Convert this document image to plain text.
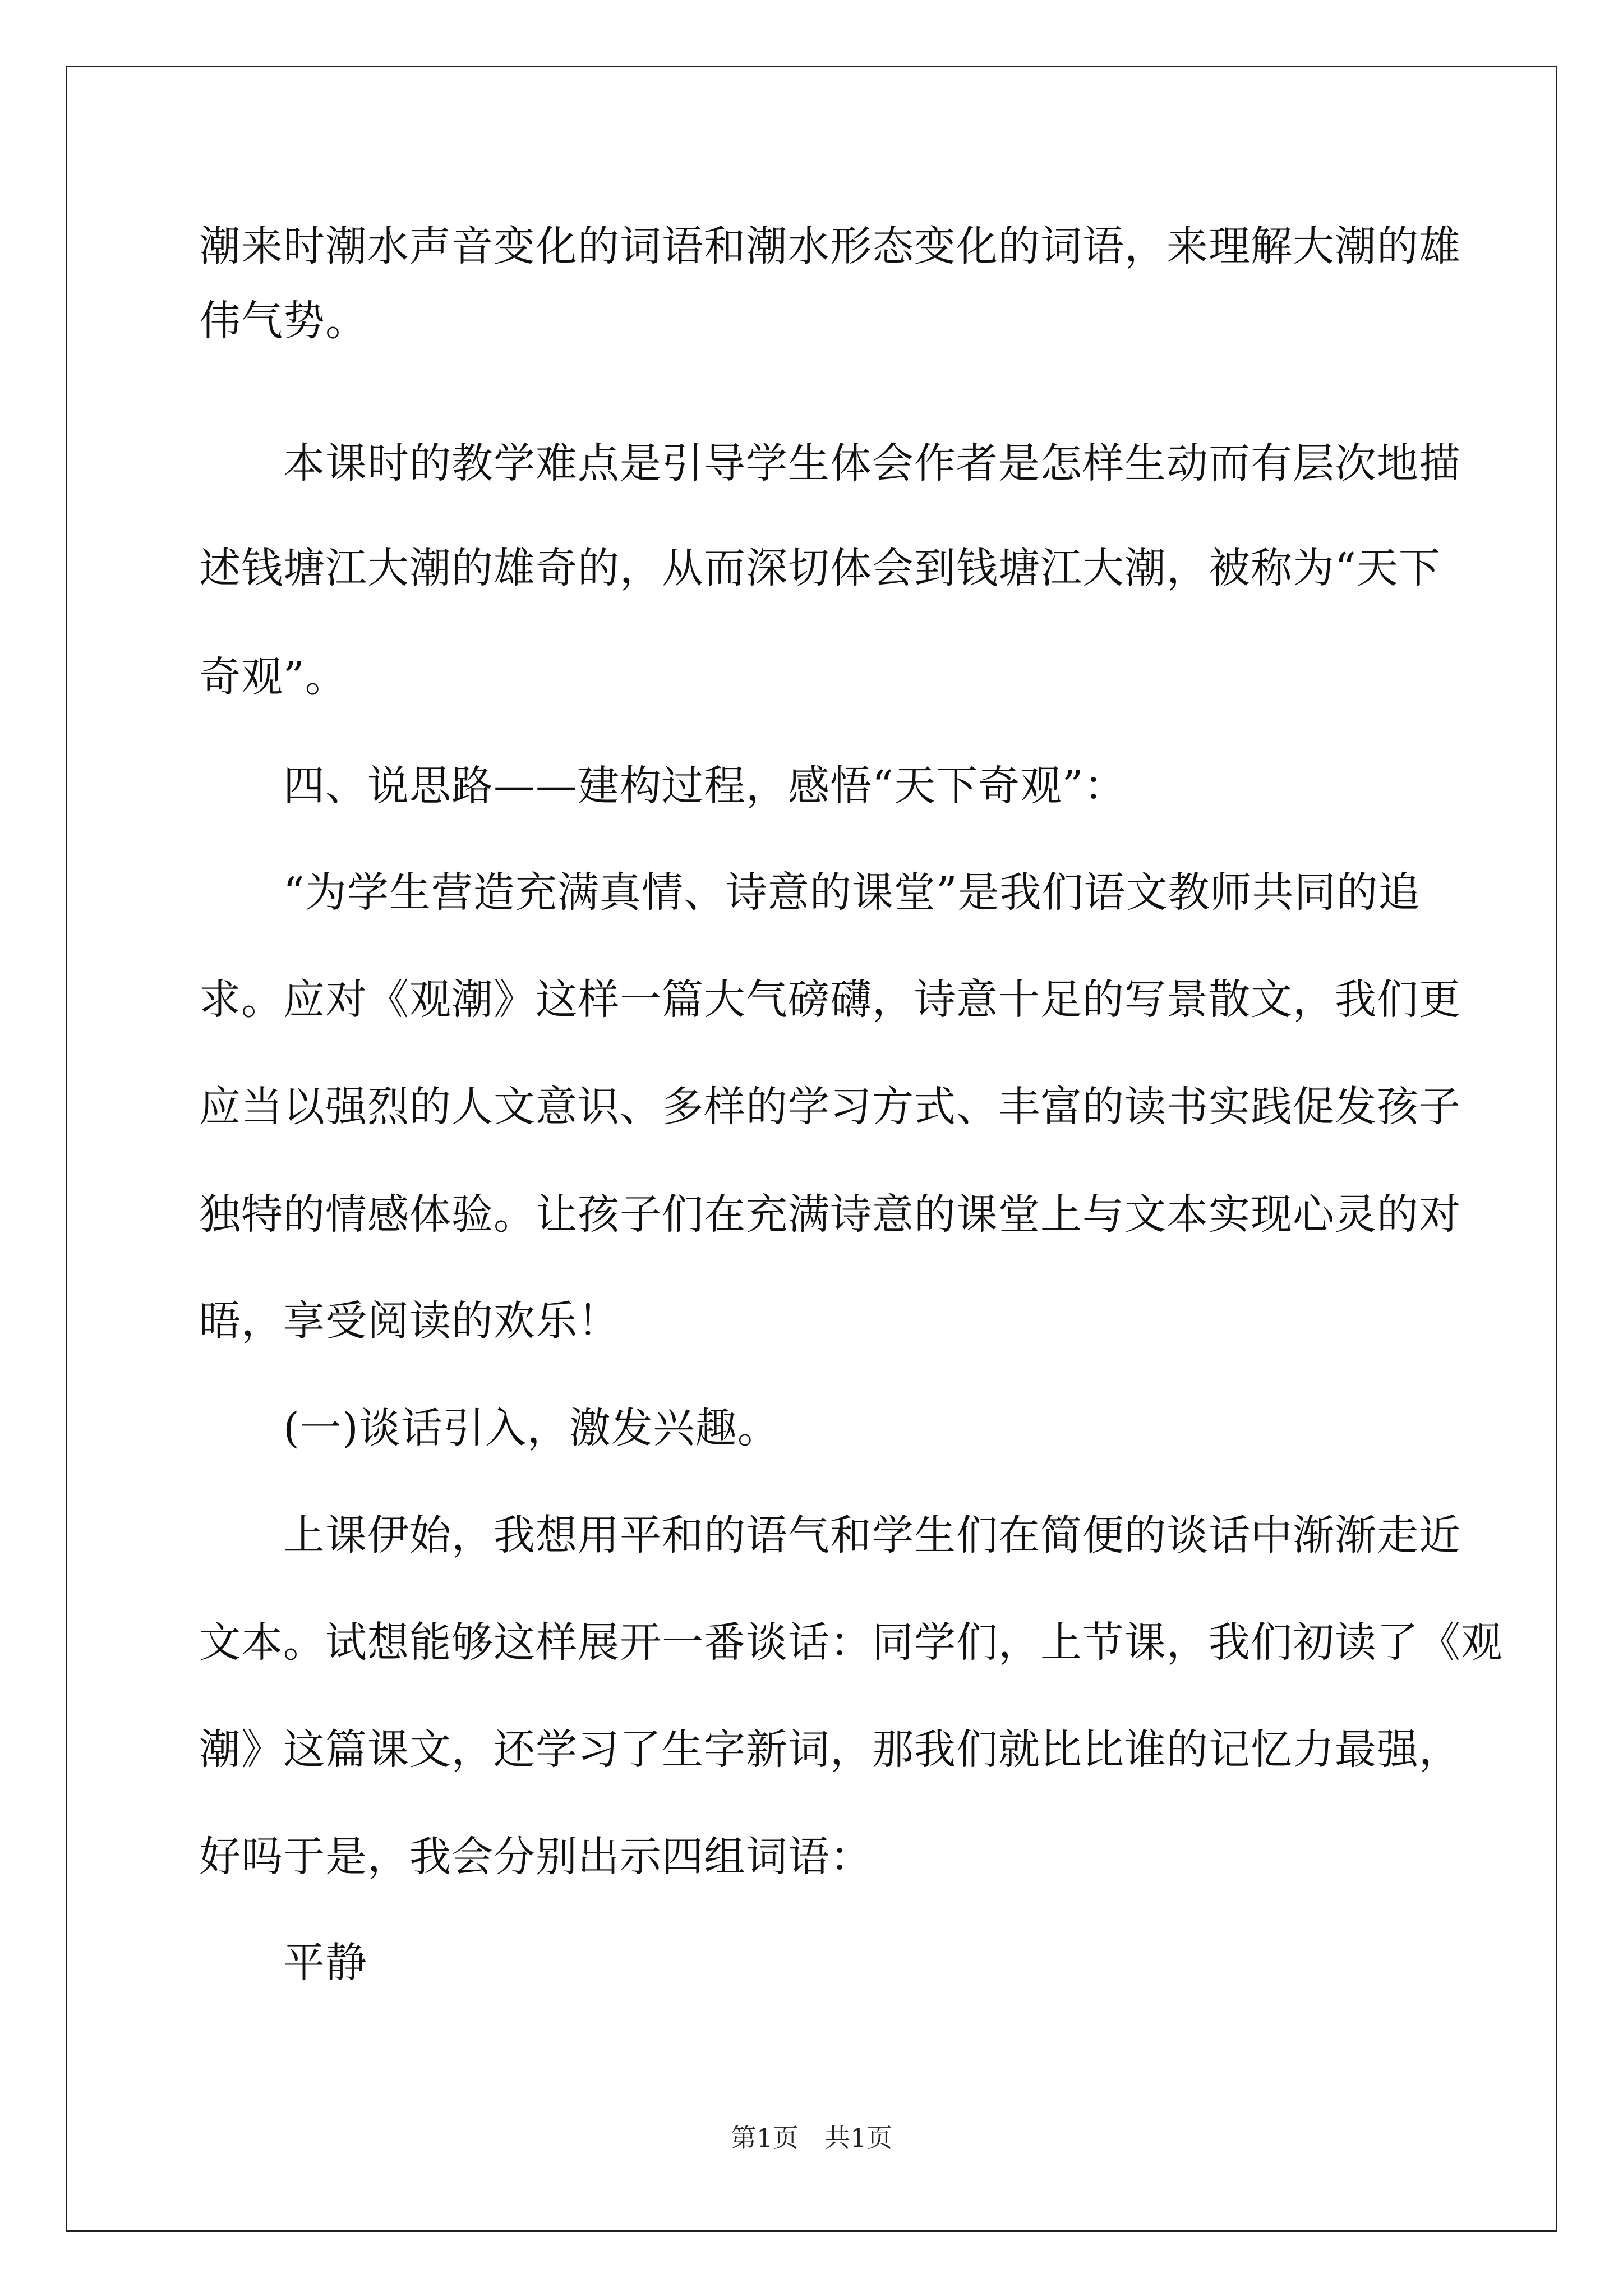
潮来时潮水声音变化的词语和潮水形态变化的词语，来理解大潮的雄

伟气势。

本课时的教学难点是引导学生体会作者是怎样生动而有层次地描

述钱塘江大潮的雄奇的，从而深切体会到钱塘江大潮，被称为“天下

奇观”。

四、说思路——建构过程，感悟“天下奇观”：

“为学生营造充满真情、诗意的课堂”是我们语文教师共同的追

求。应对《观潮》这样一篇大气磅礴，诗意十足的写景散文，我们更

应当以强烈的人文意识、多样的学习方式、丰富的读书实践促发孩子

独特的情感体验。让孩子们在充满诗意的课堂上与文本实现心灵的对

晤，享受阅读的欢乐！

(一)谈话引入，激发兴趣。

上课伊始，我想用平和的语气和学生们在简便的谈话中渐渐走近

文本。试想能够这样展开一番谈话：同学们，上节课，我们初读了《观

潮》这篇课文，还学习了生字新词，那我们就比比谁的记忆力最强，

好吗于是，我会分别出示四组词语：

平静

第1页　共1页
